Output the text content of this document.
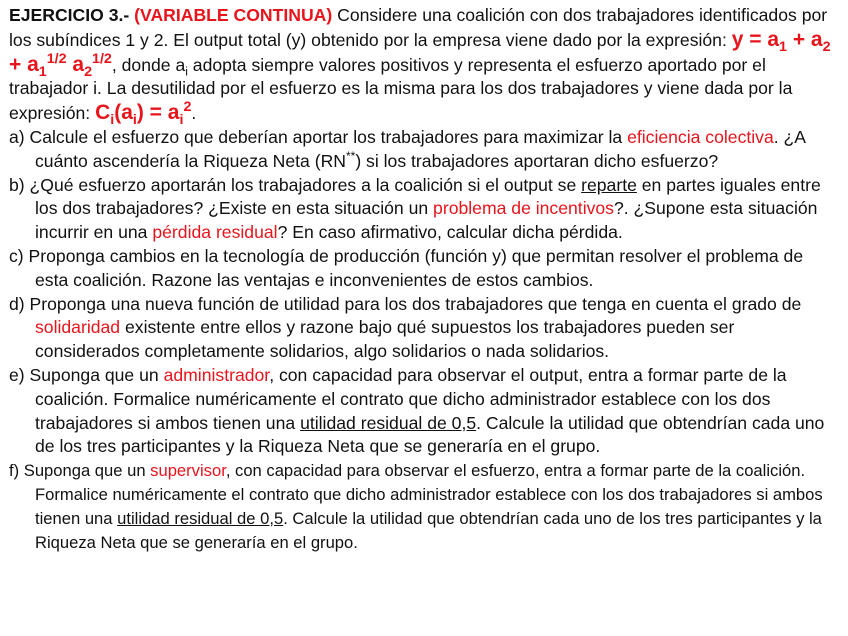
EJERCICIO 3.- (VARIABLE CONTINUA) Considere una coalición con dos trabajadores identificados por los subíndices 1 y 2. El output total (y) obtenido por la empresa viene dado por la expresión: $y = a_1 + a_2 + a_1^{1/2}$ $a_2^{1/2}$, donde $a_i$ adopta siempre valores positivos y representa el esfuerzo aportado por el trabajador i. La desutilidad por el esfuerzo es la misma para los dos trabajadores y viene dada por la expresión: $C_i(a_i) = a_i^2$.

a) Calcule el esfuerzo que deberían aportar los trabajadores para maximizar la eficiencia colectiva. ¿A cuánto ascendería la Riqueza Neta (RN**) si los trabajadores aportaran dicho esfuerzo?

b) ¿Qué esfuerzo aportarán los trabajadores a la coalición si el output se reparte en partes iguales entre los dos trabajadores? ¿Existe en esta situación un problema de incentivos?. ¿Supone esta situación incurrir en una pérdida residual? En caso afirmativo, calcular dicha pérdida.

c) Proponga cambios en la tecnología de producción (función y) que permitan resolver el problema de esta coalición. Razone las ventajas e inconvenientes de estos cambios.

d) Proponga una nueva función de utilidad para los dos trabajadores que tenga en cuenta el grado de solidaridad existente entre ellos y razone bajo qué supuestos los trabajadores pueden ser considerados completamente solidarios, algo solidarios o nada solidarios.

e) Suponga que un administrador, con capacidad para observar el output, entra a formar parte de la coalición. Formalice numéricamente el contrato que dicho administrador establece con los dos trabajadores si ambos tienen una utilidad residual de 0,5. Calcule la utilidad que obtendrían cada uno de los tres participantes y la Riqueza Neta que se generaría en el grupo.

f) Suponga que un supervisor, con capacidad para observar el esfuerzo, entra a formar parte de la coalición. Formalice numéricamente el contrato que dicho administrador establece con los dos trabajadores si ambos tienen una utilidad residual de 0,5. Calcule la utilidad que obtendrían cada uno de los tres participantes y la Riqueza Neta que se generaría en el grupo.
